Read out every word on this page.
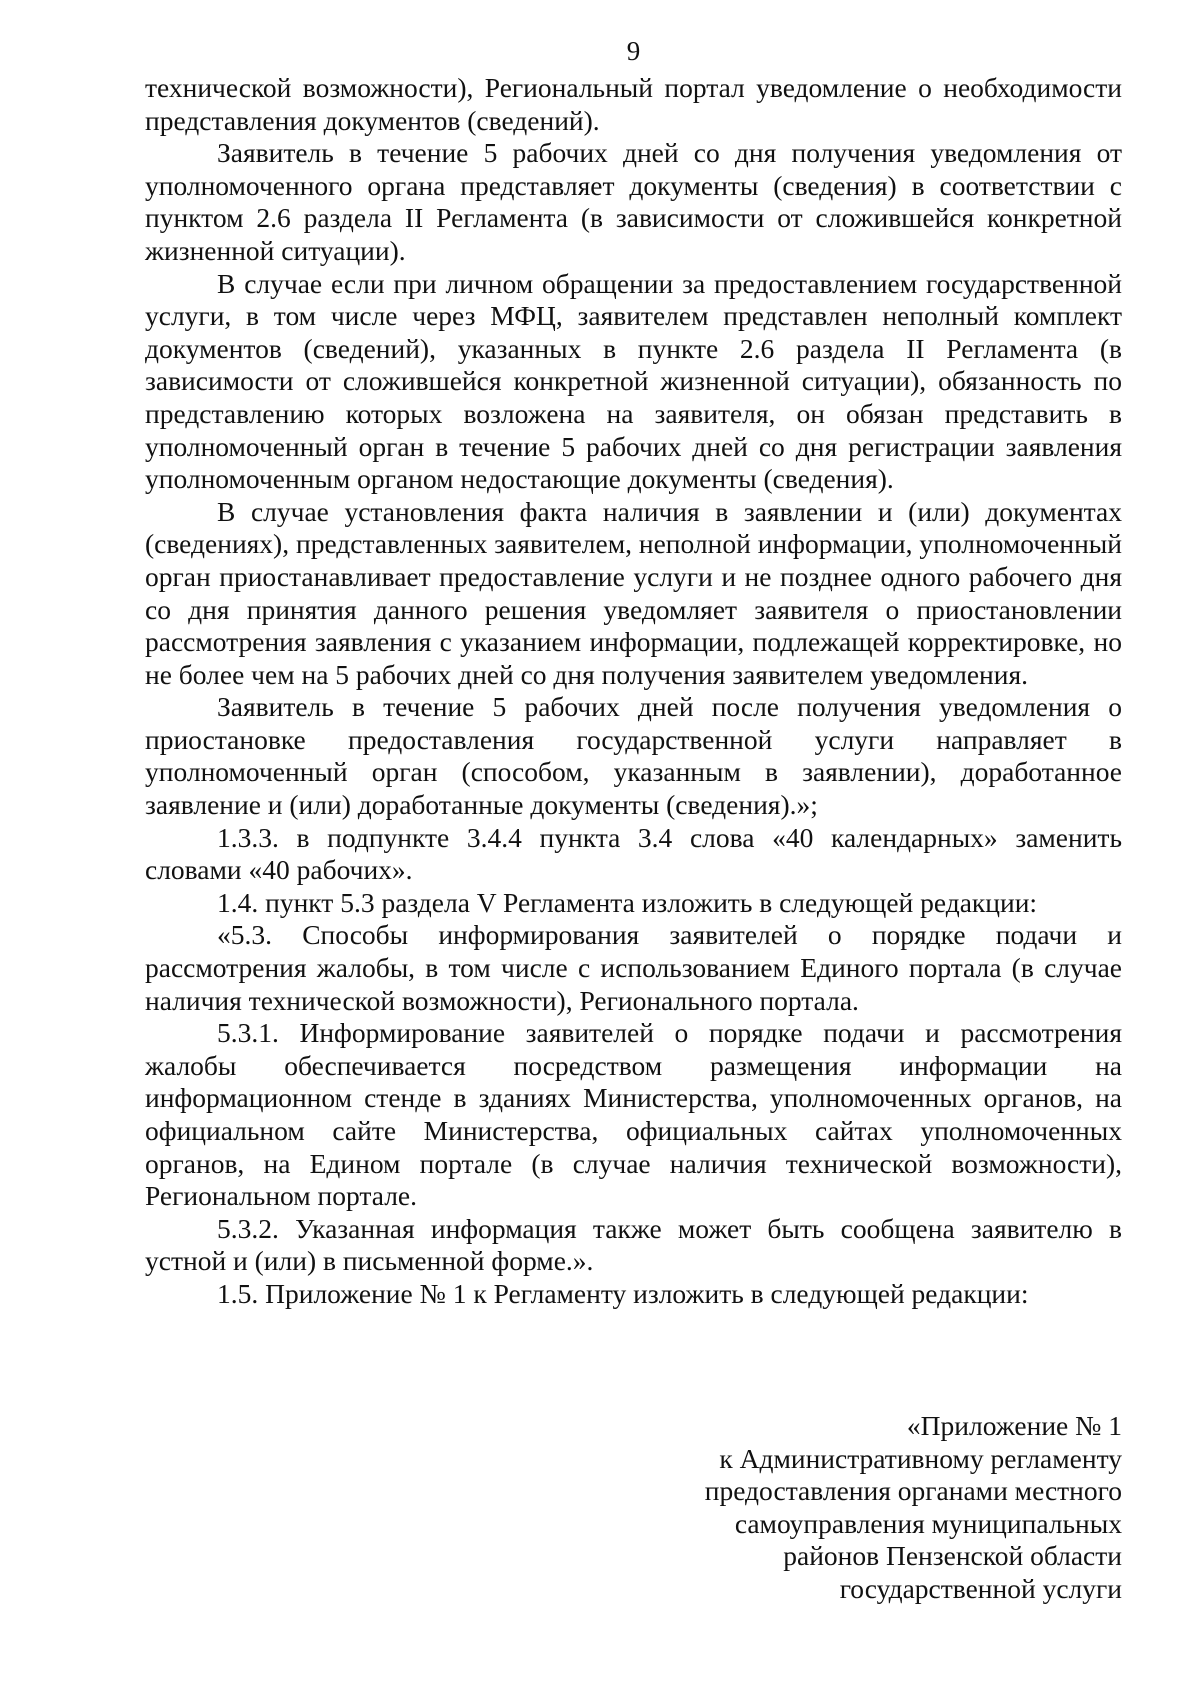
9

технической возможности), Региональный портал уведомление о необходимости представления документов (сведений).

Заявитель в течение 5 рабочих дней со дня получения уведомления от уполномоченного органа представляет документы (сведения) в соответствии с пунктом 2.6 раздела II Регламента (в зависимости от сложившейся конкретной жизненной ситуации).

В случае если при личном обращении за предоставлением государственной услуги, в том числе через МФЦ, заявителем представлен неполный комплект документов (сведений), указанных в пункте 2.6 раздела II Регламента (в зависимости от сложившейся конкретной жизненной ситуации), обязанность по представлению которых возложена на заявителя, он обязан представить в уполномоченный орган в течение 5 рабочих дней со дня регистрации заявления уполномоченным органом недостающие документы (сведения).

В случае установления факта наличия в заявлении и (или) документах (сведениях), представленных заявителем, неполной информации, уполномоченный орган приостанавливает предоставление услуги и не позднее одного рабочего дня со дня принятия данного решения уведомляет заявителя о приостановлении рассмотрения заявления с указанием информации, подлежащей корректировке, но не более чем на 5 рабочих дней со дня получения заявителем уведомления.

Заявитель в течение 5 рабочих дней после получения уведомления о приостановке предоставления государственной услуги направляет в уполномоченный орган (способом, указанным в заявлении), доработанное заявление и (или) доработанные документы (сведения).»;

1.3.3. в подпункте 3.4.4 пункта 3.4 слова «40 календарных» заменить словами «40 рабочих».

1.4. пункт 5.3 раздела V Регламента изложить в следующей редакции:

«5.3. Способы информирования заявителей о порядке подачи и рассмотрения жалобы, в том числе с использованием Единого портала (в случае наличия технической возможности), Регионального портала.

5.3.1. Информирование заявителей о порядке подачи и рассмотрения жалобы обеспечивается посредством размещения информации на информационном стенде в зданиях Министерства, уполномоченных органов, на официальном сайте Министерства, официальных сайтах уполномоченных органов, на Едином портале (в случае наличия технической возможности), Региональном портале.

5.3.2. Указанная информация также может быть сообщена заявителю в устной и (или) в письменной форме.».

1.5. Приложение № 1 к Регламенту изложить в следующей редакции:

«Приложение № 1
к Административному регламенту
предоставления органами местного
самоуправления муниципальных
районов Пензенской области
государственной услуги
